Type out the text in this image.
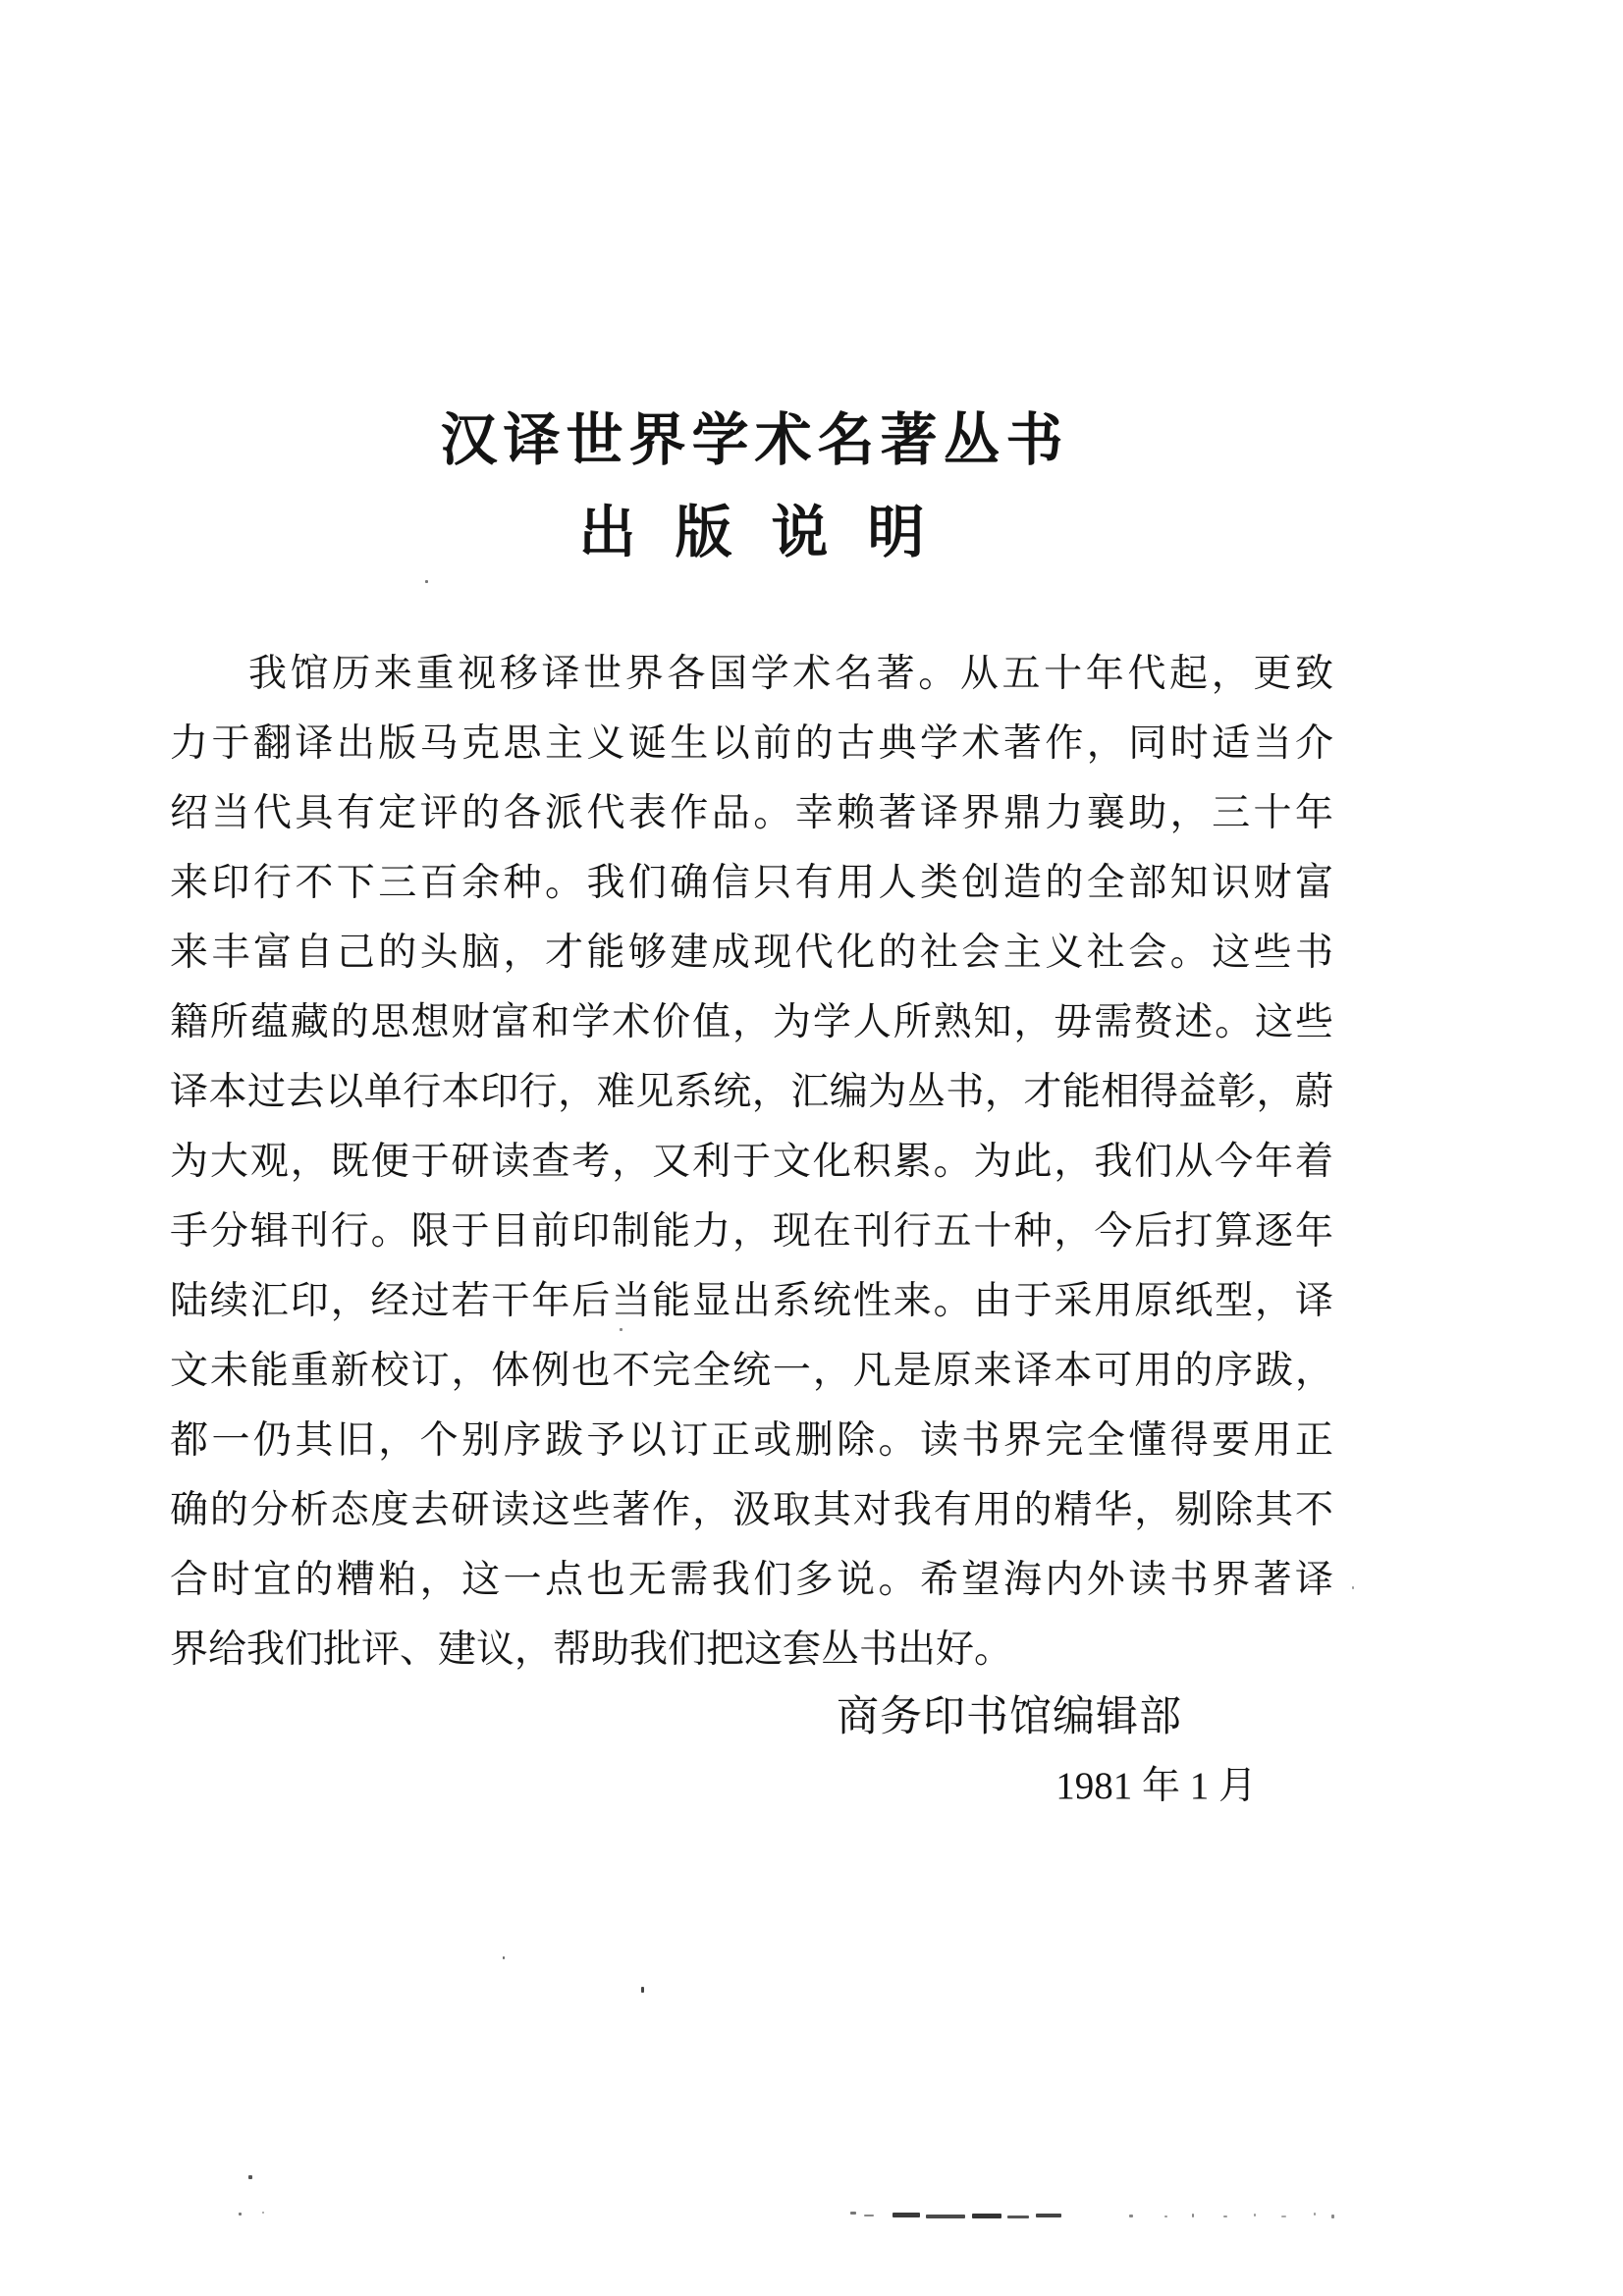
汉译世界学术名著丛书
出版说明
我馆历来重视移译世界各国学术名著。从五十年代起，更致
力于翻译出版马克思主义诞生以前的古典学术著作，同时适当介
绍当代具有定评的各派代表作品。幸赖著译界鼎力襄助，三十年
来印行不下三百余种。我们确信只有用人类创造的全部知识财富
来丰富自己的头脑，才能够建成现代化的社会主义社会。这些书
籍所蕴藏的思想财富和学术价值，为学人所熟知，毋需赘述。这些
译本过去以单行本印行，难见系统，汇编为丛书，才能相得益彰，蔚
为大观，既便于研读查考，又利于文化积累。为此，我们从今年着
手分辑刊行。限于目前印制能力，现在刊行五十种，今后打算逐年
陆续汇印，经过若干年后当能显出系统性来。由于采用原纸型，译
文未能重新校订，体例也不完全统一，凡是原来译本可用的序跋，
都一仍其旧，个别序跋予以订正或删除。读书界完全懂得要用正
确的分析态度去研读这些著作，汲取其对我有用的精华，剔除其不
合时宜的糟粕，这一点也无需我们多说。希望海内外读书界著译
界给我们批评、建议，帮助我们把这套丛书出好。
商务印书馆编辑部
1981 年 1 月
